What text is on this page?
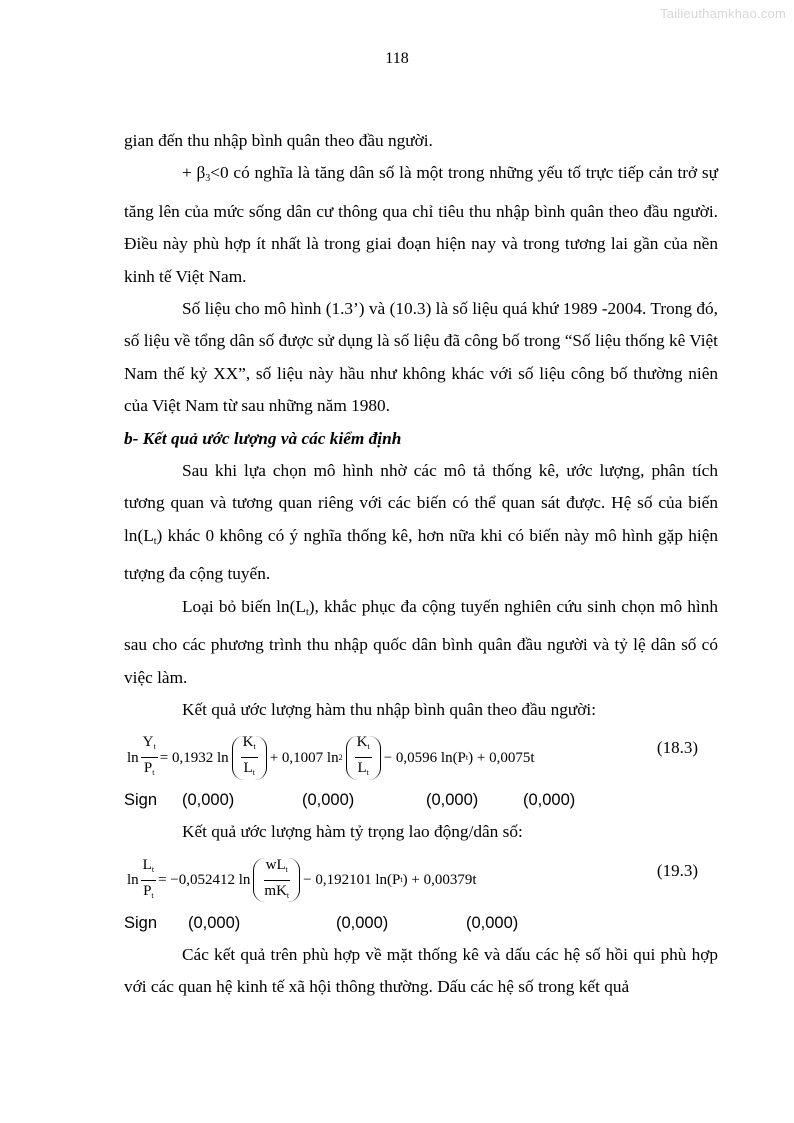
Tailieuthamkhao.com
118

gian đến thu nhập bình quân theo đầu người.

+ $\beta_3<0$ có nghĩa là tăng dân số là một trong những yếu tố trực tiếp cản trở sự tăng lên của mức sống dân cư thông qua chỉ tiêu thu nhập bình quân theo đầu người. Điều này phù hợp ít nhất là trong giai đoạn hiện nay và trong tương lai gần của nền kinh tế Việt Nam.

Số liệu cho mô hình (1.3’) và (10.3) là số liệu quá khứ 1989 -2004. Trong đó, số liệu về tổng dân số được sử dụng là số liệu đã công bố trong “Số liệu thống kê Việt Nam thế kỷ XX”, số liệu này hầu như không khác với số liệu công bố thường niên của Việt Nam từ sau những năm 1980.

b- Kết quả ước lượng và các kiểm định

Sau khi lựa chọn mô hình nhờ các mô tả thống kê, ước lượng, phân tích tương quan và tương quan riêng với các biến có thể quan sát được. Hệ số của biến $\ln(L_t)$ khác 0 không có ý nghĩa thống kê, hơn nữa khi có biến này mô hình gặp hiện tượng đa cộng tuyến.

Loại bỏ biến $\ln(L_t)$, khắc phục đa cộng tuyến nghiên cứu sinh chọn mô hình sau cho các phương trình thu nhập quốc dân bình quân đầu người và tỷ lệ dân số có việc làm.

Kết quả ước lượng hàm thu nhập bình quân theo đầu người:

$\ln \frac{Y_t}{P_t} = 0,1932$ $\ln \frac{K_t}{L_t} + 0,1007$ $\ln 2 \frac{K_t}{L_t} - 0,0596$ ln(P t ) + 0,0075t
(18.3)
Sign (0,000)	(0,000)	(0,000)	(0,000)

Kết quả ước lượng hàm tỷ trọng lao động/dân số:

$\ln \frac{L_t}{P_t} = -0,052412$ $\ln \frac{wL_t}{mK_t} - 0,192101$ ln(P t ) + 0,00379t
(19.3)
Sign (0,000)	(0,000)	(0,000)

Các kết quả trên phù hợp về mặt thống kê và dấu các hệ số hồi qui phù hợp với các quan hệ kinh tế xã hội thông thường. Dấu các hệ số trong kết quả
